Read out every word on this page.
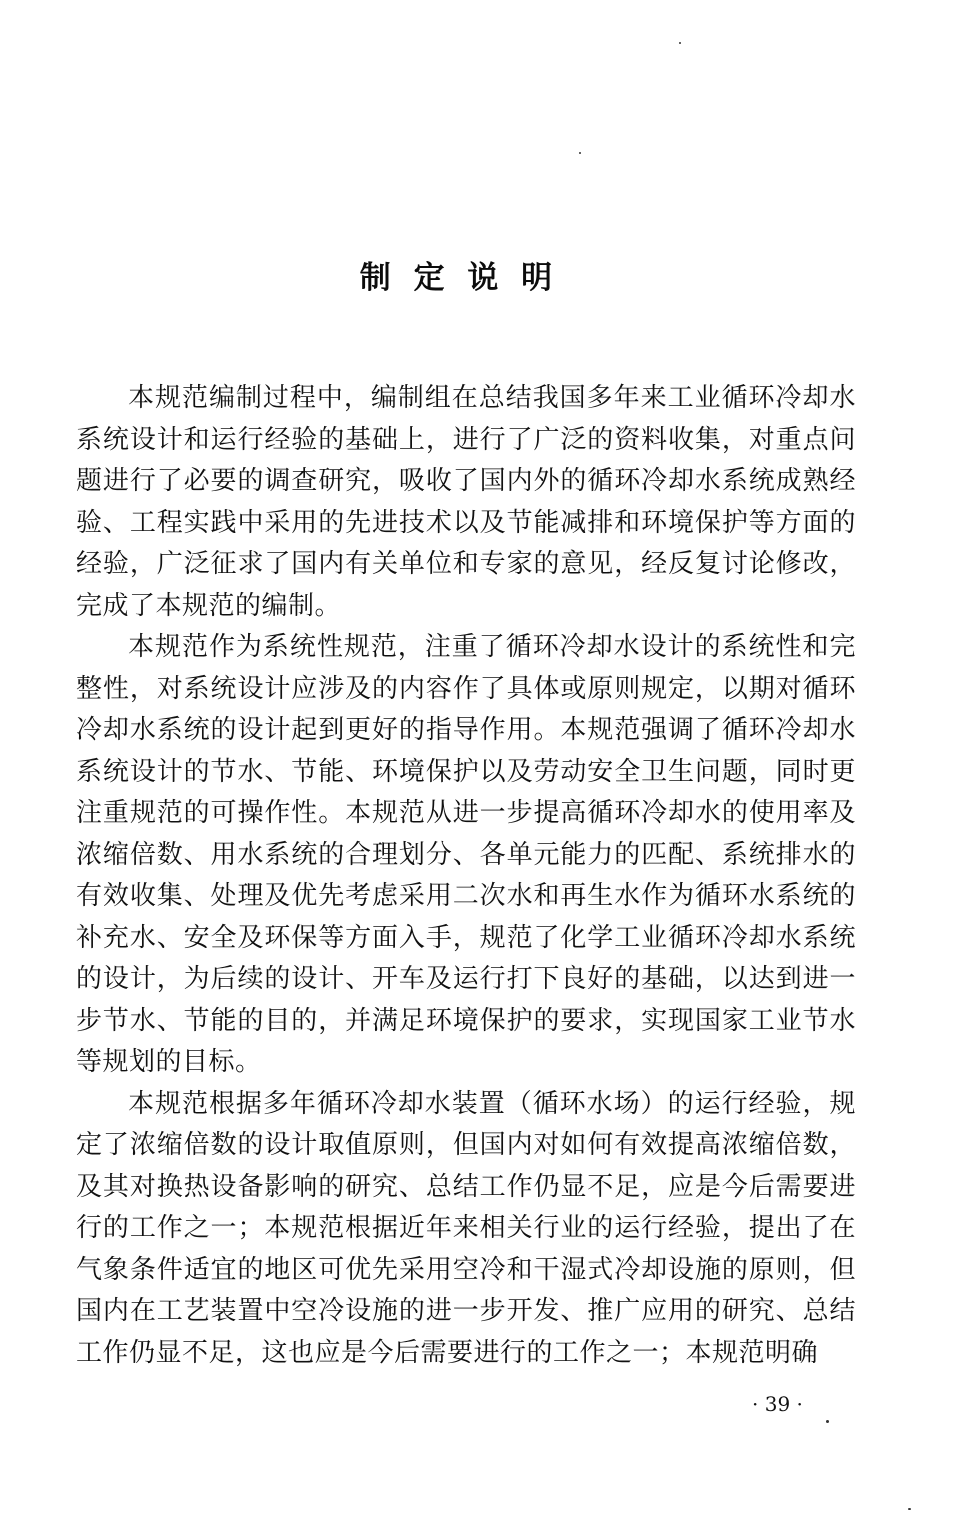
制 定 说 明

本规范编制过程中，编制组在总结我国多年来工业循环冷却水系统设计和运行经验的基础上，进行了广泛的资料收集，对重点问题进行了必要的调查研究，吸收了国内外的循环冷却水系统成熟经验、工程实践中采用的先进技术以及节能减排和环境保护等方面的经验，广泛征求了国内有关单位和专家的意见，经反复讨论修改，完成了本规范的编制。

本规范作为系统性规范，注重了循环冷却水设计的系统性和完整性，对系统设计应涉及的内容作了具体或原则规定，以期对循环冷却水系统的设计起到更好的指导作用。本规范强调了循环冷却水系统设计的节水、节能、环境保护以及劳动安全卫生问题，同时更注重规范的可操作性。本规范从进一步提高循环冷却水的使用率及浓缩倍数、用水系统的合理划分、各单元能力的匹配、系统排水的有效收集、处理及优先考虑采用二次水和再生水作为循环水系统的补充水、安全及环保等方面入手，规范了化学工业循环冷却水系统的设计，为后续的设计、开车及运行打下良好的基础，以达到进一步节水、节能的目的，并满足环境保护的要求，实现国家工业节水等规划的目标。

本规范根据多年循环冷却水装置（循环水场）的运行经验，规定了浓缩倍数的设计取值原则，但国内对如何有效提高浓缩倍数，及其对换热设备影响的研究、总结工作仍显不足，应是今后需要进行的工作之一；本规范根据近年来相关行业的运行经验，提出了在气象条件适宜的地区可优先采用空冷和干湿式冷却设施的原则，但国内在工艺装置中空冷设施的进一步开发、推广应用的研究、总结工作仍显不足，这也应是今后需要进行的工作之一；本规范明确

· 39 ·
